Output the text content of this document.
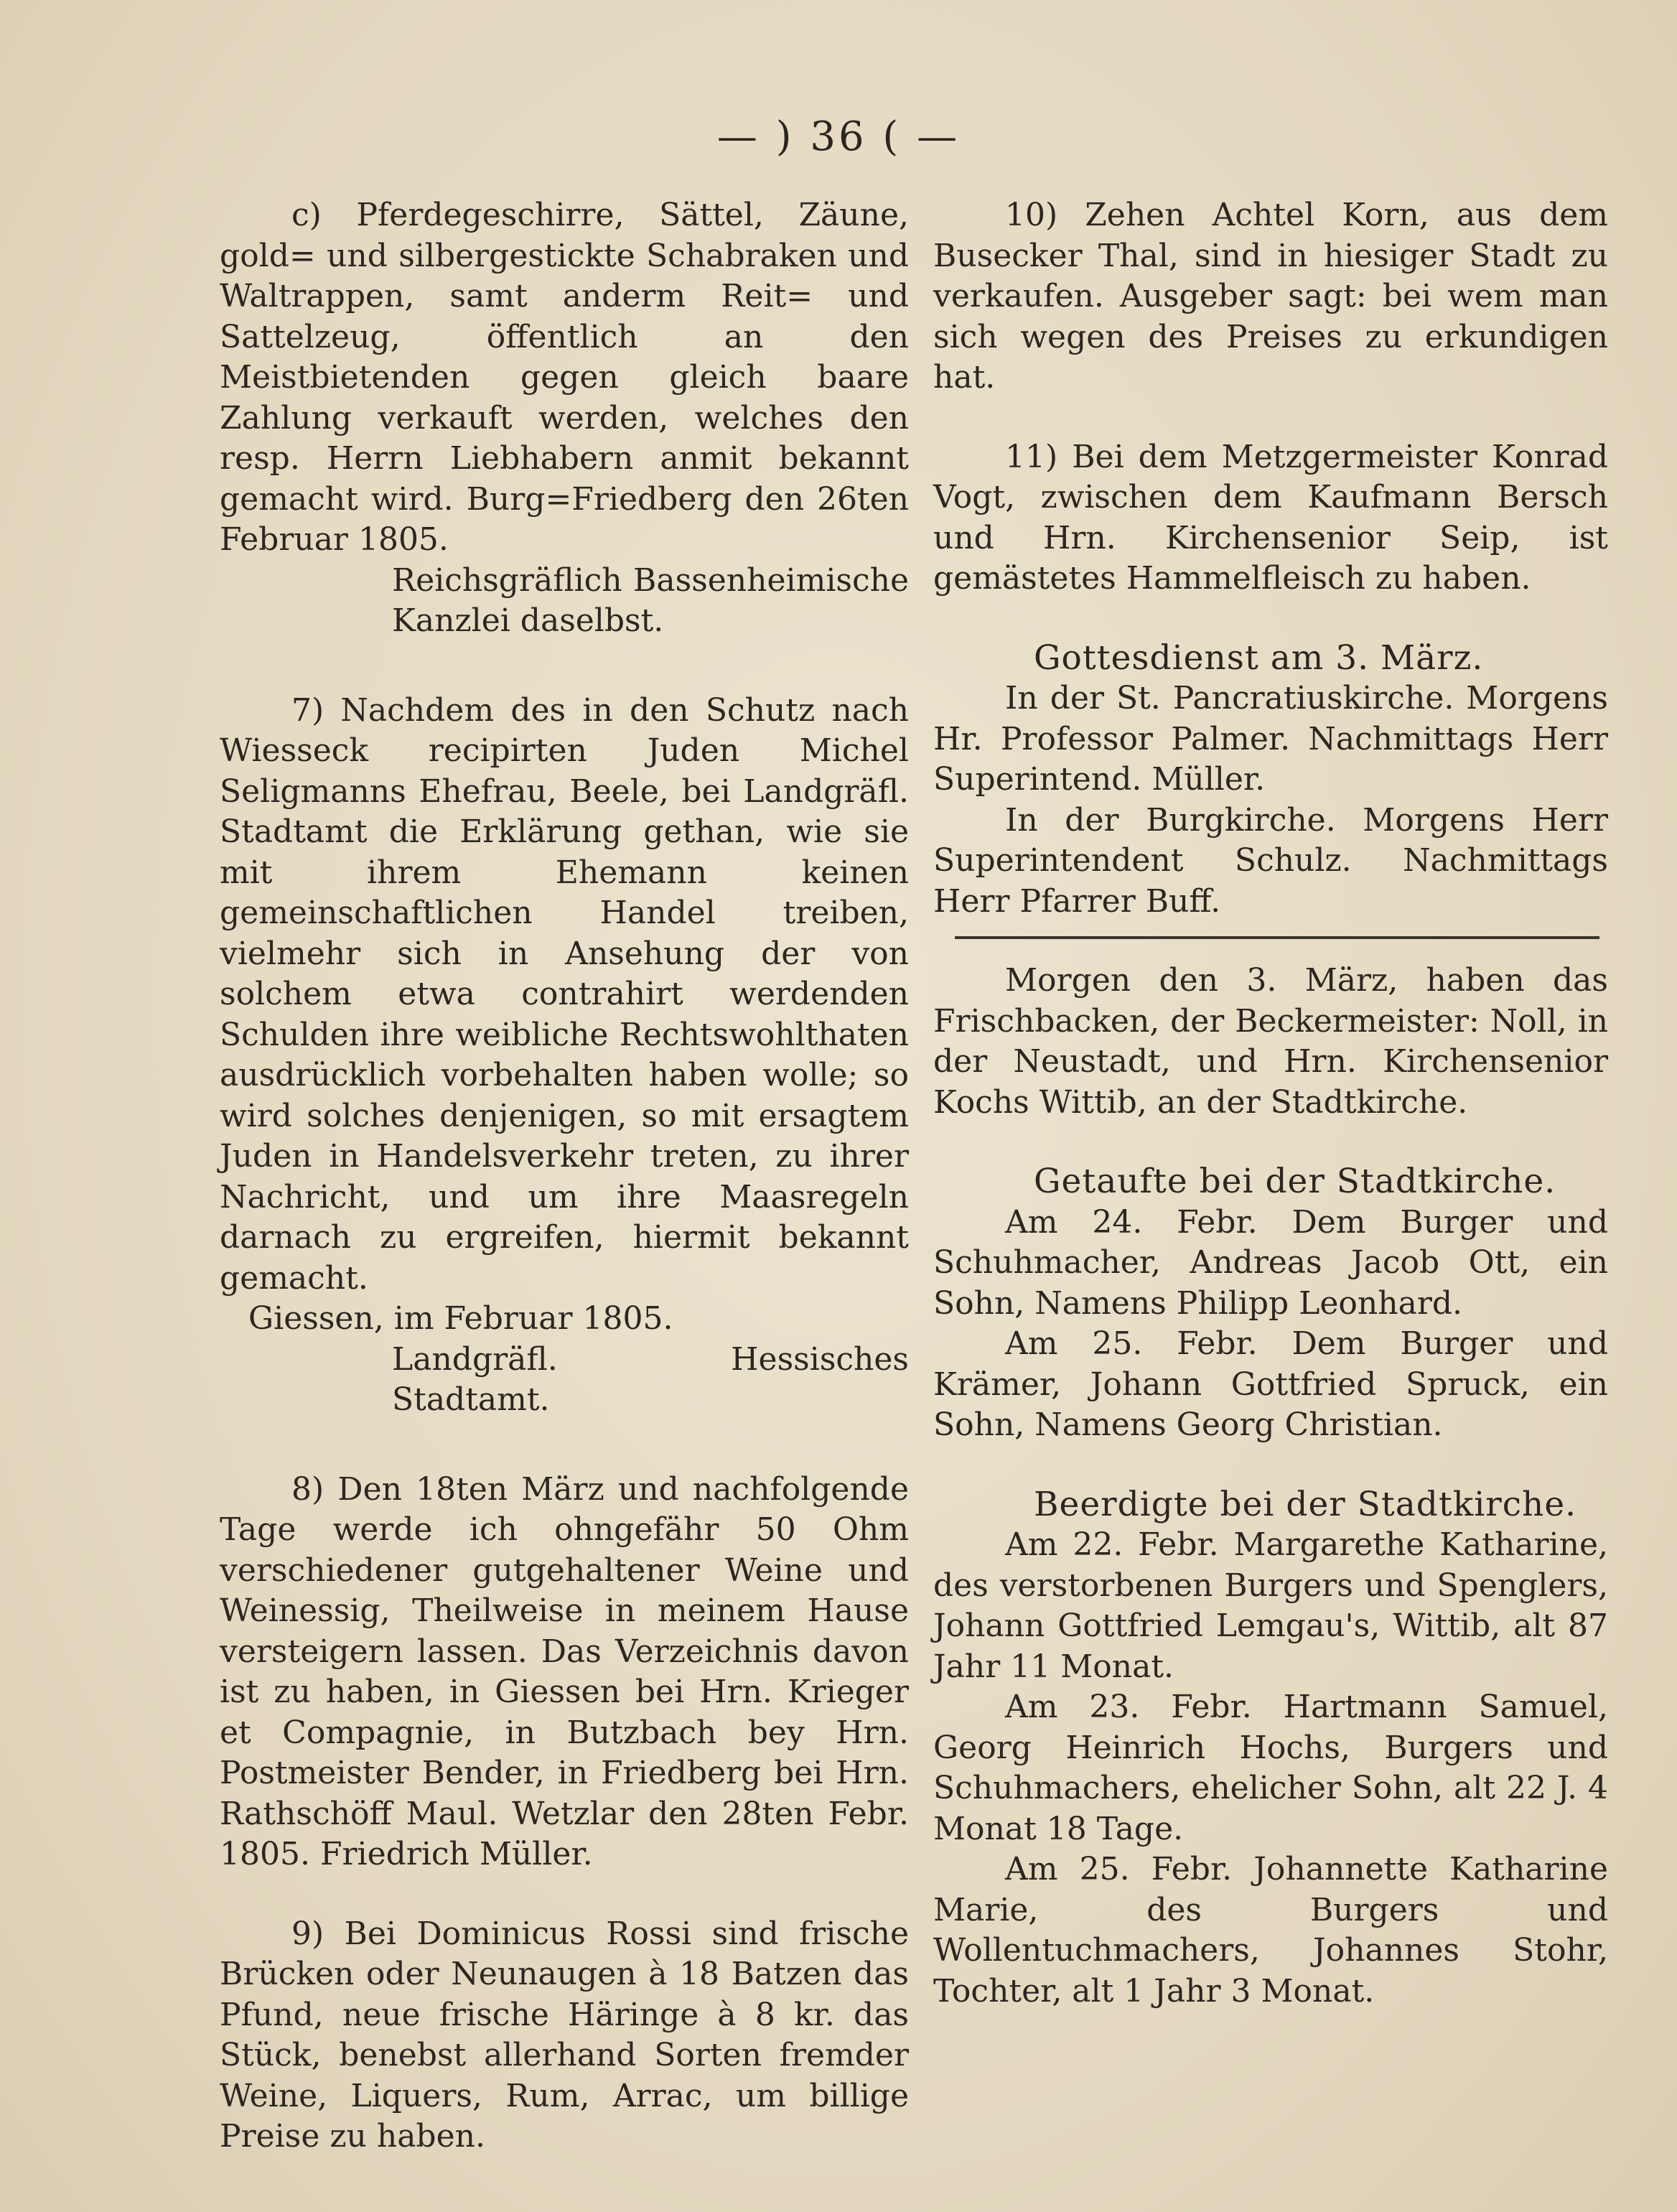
— ) 36 ( —

c) Pferdegeschirre, Sättel, Zäune, gold= und silbergestickte Schabraken und Waltrappen, samt anderm Reit= und Sattelzeug, öffentlich an den Meistbietenden gegen gleich baare Zahlung verkauft werden, welches den resp. Herrn Liebhabern anmit bekannt gemacht wird. Burg=Friedberg den 26ten Februar 1805.

Reichsgräflich Bassenheimische Kanzlei daselbst.

7) Nachdem des in den Schutz nach Wiesseck recipirten Juden Michel Seligmanns Ehefrau, Beele, bei Landgräfl. Stadtamt die Erklärung gethan, wie sie mit ihrem Ehemann keinen gemeinschaftlichen Handel treiben, vielmehr sich in Ansehung der von solchem etwa contrahirt werdenden Schulden ihre weibliche Rechtswohlthaten ausdrücklich vorbehalten haben wolle; so wird solches denjenigen, so mit ersagtem Juden in Handelsverkehr treten, zu ihrer Nachricht, und um ihre Maasregeln darnach zu ergreifen, hiermit bekannt gemacht.

Giessen, im Februar 1805.

Landgräfl. Hessisches Stadtamt.

8) Den 18ten März und nachfolgende Tage werde ich ohngefähr 50 Ohm verschiedener gutgehaltener Weine und Weinessig, Theilweise in meinem Hause versteigern lassen. Das Verzeichnis davon ist zu haben, in Giessen bei Hrn. Krieger et Compagnie, in Butzbach bey Hrn. Postmeister Bender, in Friedberg bei Hrn. Rathschöff Maul. Wetzlar den 28ten Febr. 1805. Friedrich Müller.

9) Bei Dominicus Rossi sind frische Brücken oder Neunaugen à 18 Batzen das Pfund, neue frische Häringe à 8 kr. das Stück, benebst allerhand Sorten fremder Weine, Liquers, Rum, Arrac, um billige Preise zu haben.

10) Zehen Achtel Korn, aus dem Busecker Thal, sind in hiesiger Stadt zu verkaufen. Ausgeber sagt: bei wem man sich wegen des Preises zu erkundigen hat.

11) Bei dem Metzgermeister Konrad Vogt, zwischen dem Kaufmann Bersch und Hrn. Kirchensenior Seip, ist gemästetes Hammelfleisch zu haben.

Gottesdienst am 3. März.

In der St. Pancratiuskirche. Morgens Hr. Professor Palmer. Nachmittags Herr Superintend. Müller.

In der Burgkirche. Morgens Herr Superintendent Schulz. Nachmittags Herr Pfarrer Buff.

Morgen den 3. März, haben das Frischbacken, der Beckermeister: Noll, in der Neustadt, und Hrn. Kirchensenior Kochs Wittib, an der Stadtkirche.

Getaufte bei der Stadtkirche.

Am 24. Febr. Dem Burger und Schuhmacher, Andreas Jacob Ott, ein Sohn, Namens Philipp Leonhard.

Am 25. Febr. Dem Burger und Krämer, Johann Gottfried Spruck, ein Sohn, Namens Georg Christian.

Beerdigte bei der Stadtkirche.

Am 22. Febr. Margarethe Katharine, des verstorbenen Burgers und Spenglers, Johann Gottfried Lemgau's, Wittib, alt 87 Jahr 11 Monat.

Am 23. Febr. Hartmann Samuel, Georg Heinrich Hochs, Burgers und Schuhmachers, ehelicher Sohn, alt 22 J. 4 Monat 18 Tage.

Am 25. Febr. Johannette Katharine Marie, des Burgers und Wollentuchmachers, Johannes Stohr, Tochter, alt 1 Jahr 3 Monat.
